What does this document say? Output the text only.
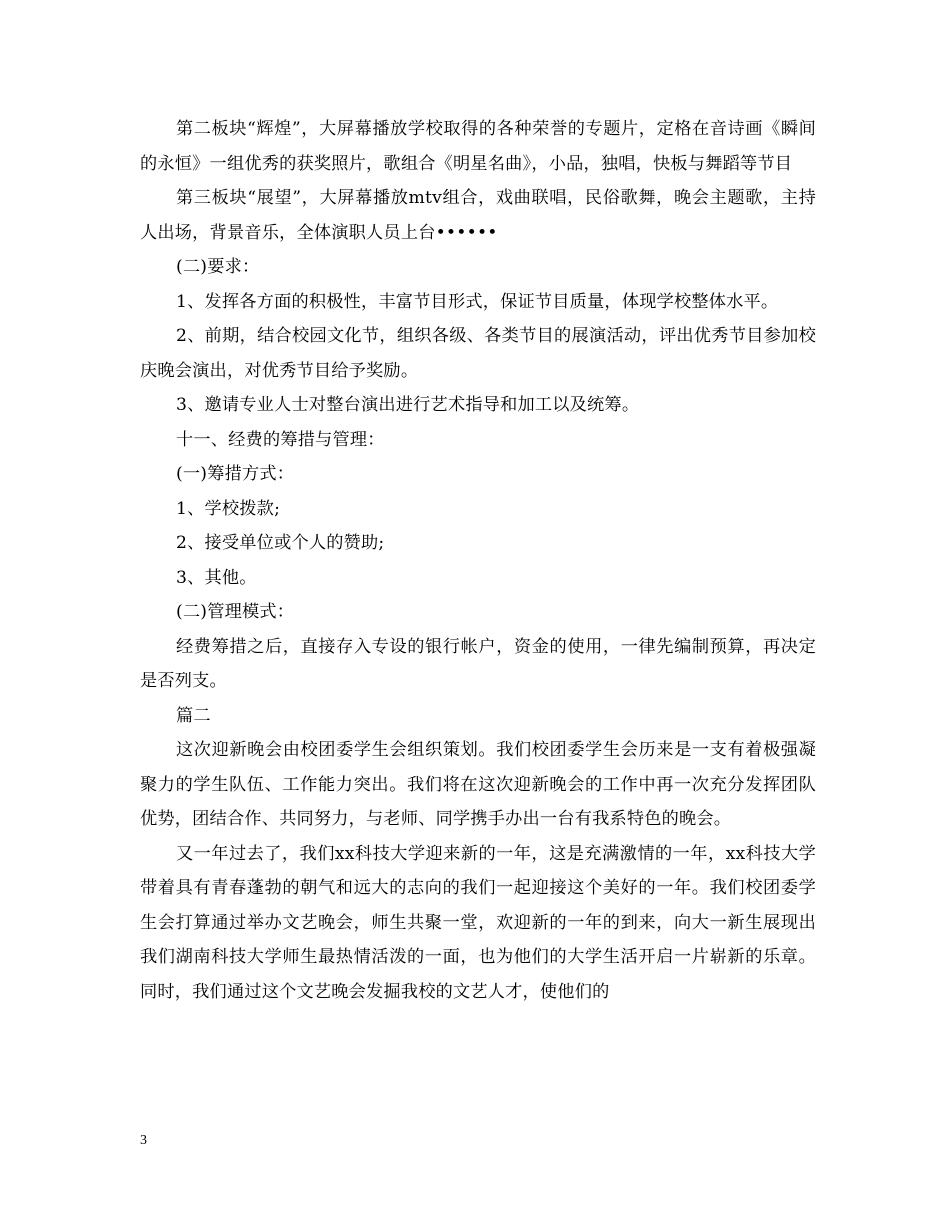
第二板块“辉煌”，大屏幕播放学校取得的各种荣誉的专题片，定格在音诗画《瞬间的永恒》一组优秀的获奖照片，歌组合《明星名曲》，小品，独唱，快板与舞蹈等节目

第三板块“展望”，大屏幕播放mtv组合，戏曲联唱，民俗歌舞，晚会主题歌，主持人出场，背景音乐，全体演职人员上台••••••

(二)要求：

1、发挥各方面的积极性，丰富节目形式，保证节目质量，体现学校整体水平。

2、前期，结合校园文化节，组织各级、各类节目的展演活动，评出优秀节目参加校庆晚会演出，对优秀节目给予奖励。

3、邀请专业人士对整台演出进行艺术指导和加工以及统筹。

十一、经费的筹措与管理：

(一)筹措方式：

1、学校拨款;

2、接受单位或个人的赞助;

3、其他。

(二)管理模式：

经费筹措之后，直接存入专设的银行帐户，资金的使用，一律先编制预算，再决定是否列支。

篇二

这次迎新晚会由校团委学生会组织策划。我们校团委学生会历来是一支有着极强凝聚力的学生队伍、工作能力突出。我们将在这次迎新晚会的工作中再一次充分发挥团队优势，团结合作、共同努力，与老师、同学携手办出一台有我系特色的晚会。

又一年过去了，我们xx科技大学迎来新的一年，这是充满激情的一年，xx科技大学带着具有青春蓬勃的朝气和远大的志向的我们一起迎接这个美好的一年。我们校团委学生会打算通过举办文艺晚会，师生共聚一堂，欢迎新的一年的到来，向大一新生展现出我们湖南科技大学师生最热情活泼的一面，也为他们的大学生活开启一片崭新的乐章。同时，我们通过这个文艺晚会发掘我校的文艺人才，使他们的

3
